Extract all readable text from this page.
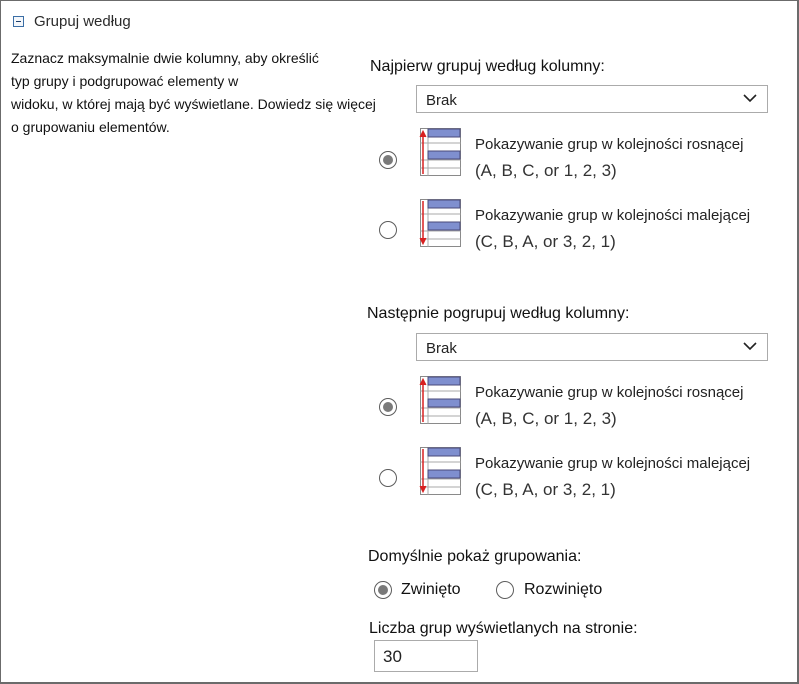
Grupuj według
Zaznacz maksymalnie dwie kolumny, aby określić
typ grupy i podgrupować elementy w
widoku, w której mają być wyświetlane. Dowiedz się więcej
o grupowaniu elementów.
Najpierw grupuj według kolumny:
Brak
Pokazywanie grup w kolejności rosnącej
(A, B, C, or 1, 2, 3)
Pokazywanie grup w kolejności malejącej
(C, B, A, or 3, 2, 1)
Następnie pogrupuj według kolumny:
Brak
Pokazywanie grup w kolejności rosnącej
(A, B, C, or 1, 2, 3)
Pokazywanie grup w kolejności malejącej
(C, B, A, or 3, 2, 1)
Domyślnie pokaż grupowania:
Zwinięto	Rozwinięto
Liczba grup wyświetlanych na stronie:
30
